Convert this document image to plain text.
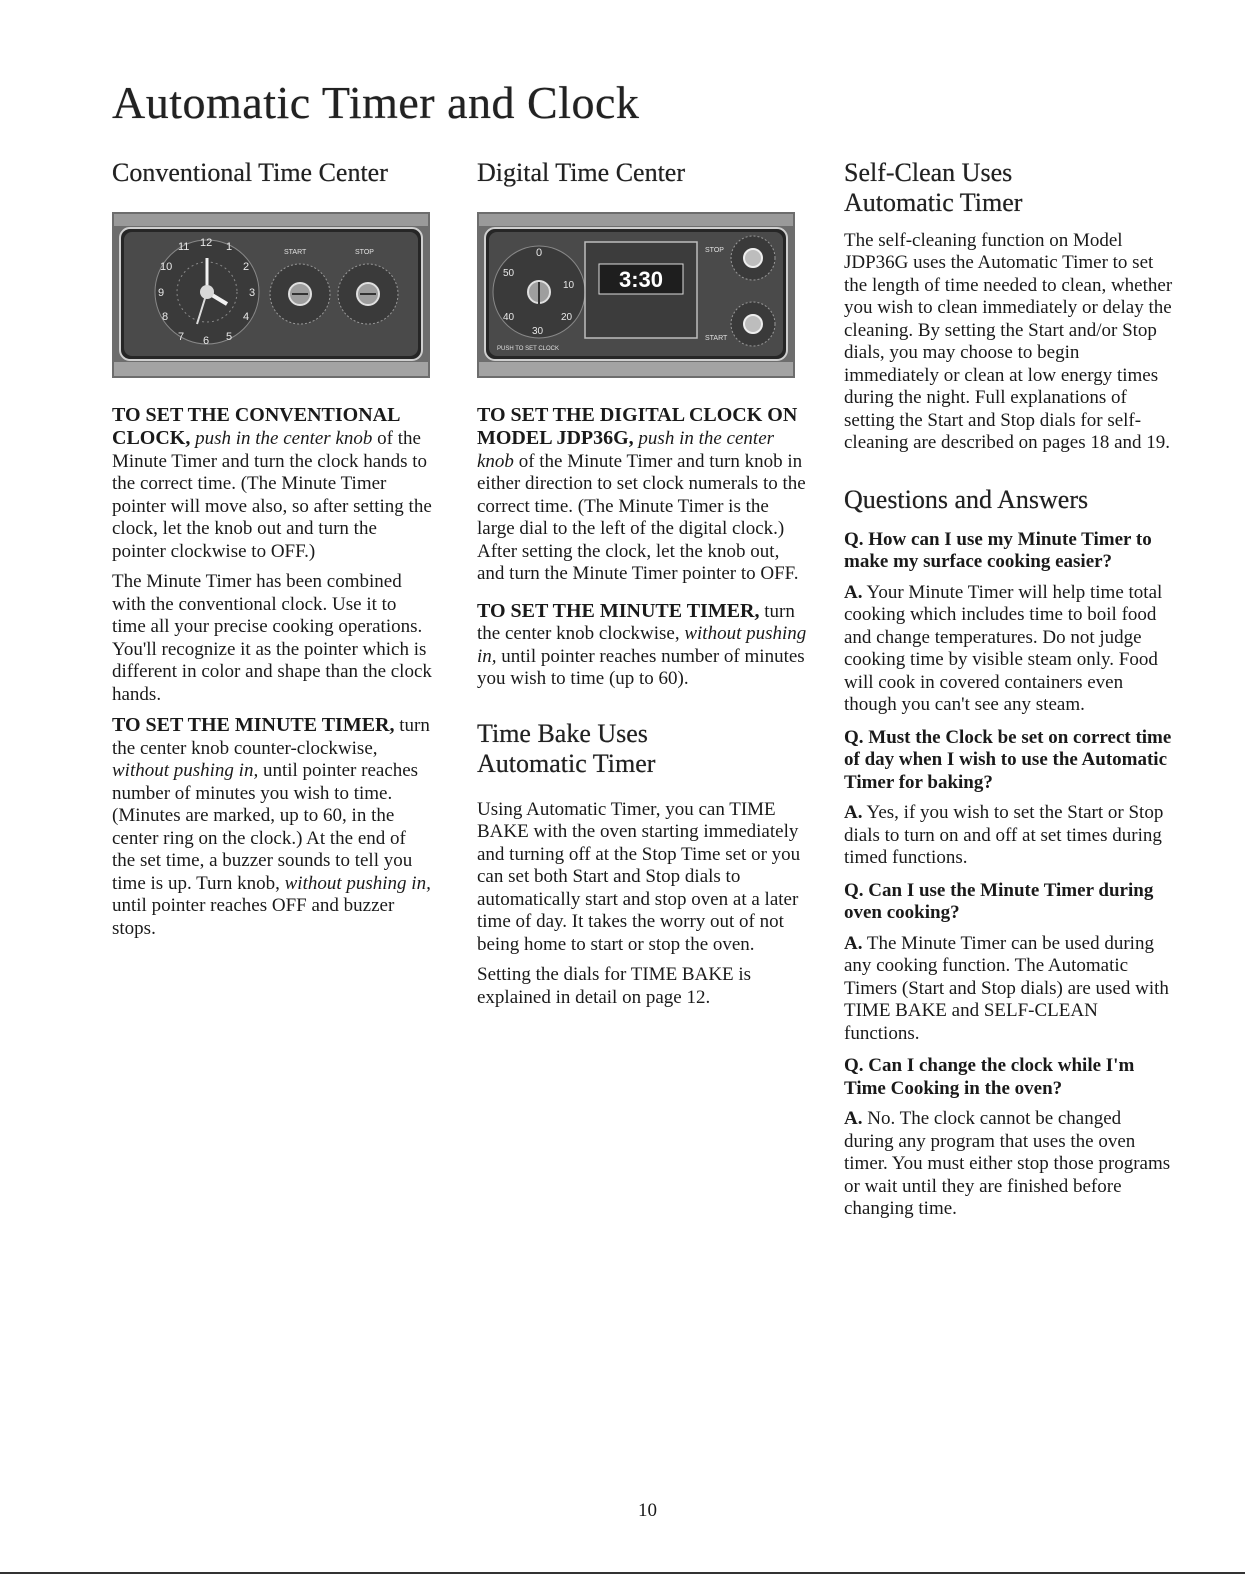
Automatic Timer and Clock
Conventional Time Center
11 12 1
10	2
9	3
8	4
7 6 5
START	STOP

TO SET THE CONVENTIONAL CLOCK, push in the center knob of the Minute Timer and turn the clock hands to the correct time. (The Minute Timer pointer will move also, so after setting the clock, let the knob out and turn the pointer clockwise to OFF.)

The Minute Timer has been combined with the conventional clock. Use it to time all your precise cooking operations. You'll recognize it as the pointer which is different in color and shape than the clock hands.

TO SET THE MINUTE TIMER, turn the center knob counter-clockwise, without pushing in, until pointer reaches number of minutes you wish to time. (Minutes are marked, up to 60, in the center ring on the clock.) At the end of the set time, a buzzer sounds to tell you time is up. Turn knob, without pushing in, until pointer reaches OFF and buzzer stops.

Digital Time Center
0
50
10
40	20
30
3:30
PUSH TO SET CLOCK
STOP
START

TO SET THE DIGITAL CLOCK ON MODEL JDP36G, push in the center knob of the Minute Timer and turn knob in either direction to set clock numerals to the correct time. (The Minute Timer is the large dial to the left of the digital clock.) After setting the clock, let the knob out, and turn the Minute Timer pointer to OFF.

TO SET THE MINUTE TIMER, turn the center knob clockwise, without pushing in, until pointer reaches number of minutes you wish to time (up to 60).

Time Bake Uses Automatic Timer

Using Automatic Timer, you can TIME BAKE with the oven starting immediately and turning off at the Stop Time set or you can set both Start and Stop dials to automatically start and stop oven at a later time of day. It takes the worry out of not being home to start or stop the oven.

Setting the dials for TIME BAKE is explained in detail on page 12.

Self-Clean Uses Automatic Timer

The self-cleaning function on Model JDP36G uses the Automatic Timer to set the length of time needed to clean, whether you wish to clean immediately or delay the cleaning. By setting the Start and/or Stop dials, you may choose to begin immediately or clean at low energy times during the night. Full explanations of setting the Start and Stop dials for self-cleaning are described on pages 18 and 19.

Questions and Answers

Q. How can I use my Minute Timer to make my surface cooking easier?

A. Your Minute Timer will help time total cooking which includes time to boil food and change temperatures. Do not judge cooking time by visible steam only. Food will cook in covered containers even though you can't see any steam.

Q. Must the Clock be set on correct time of day when I wish to use the Automatic Timer for baking?

A. Yes, if you wish to set the Start or Stop dials to turn on and off at set times during timed functions.

Q. Can I use the Minute Timer during oven cooking?

A. The Minute Timer can be used during any cooking function. The Automatic Timers (Start and Stop dials) are used with TIME BAKE and SELF-CLEAN functions.

Q. Can I change the clock while I'm Time Cooking in the oven?

A. No. The clock cannot be changed during any program that uses the oven timer. You must either stop those programs or wait until they are finished before changing time.

10
